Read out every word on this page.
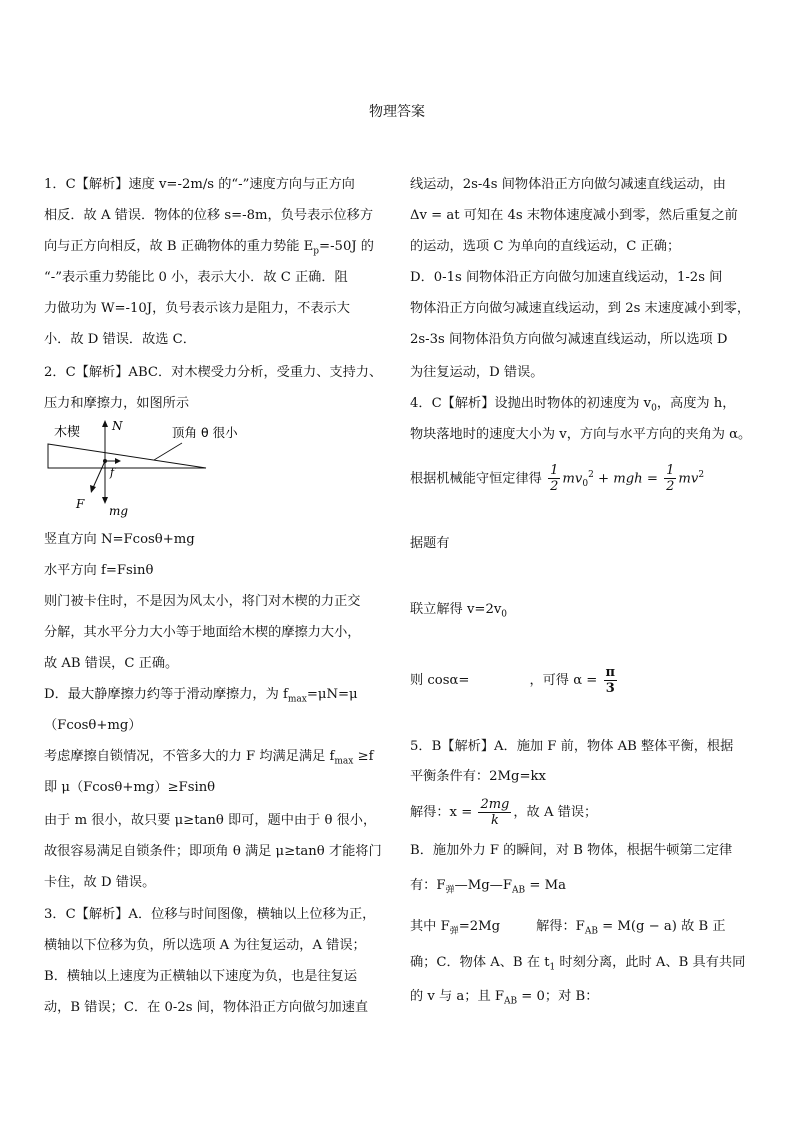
物理答案
1．C【解析】速度 v=-2m/s 的“-”速度方向与正方向
相反．故 A 错误．物体的位移 s=-8m，负号表示位移方
向与正方向相反，故 B 正确物体的重力势能 $E_p=-50J$ 的
“-”表示重力势能比 0 小，表示大小．故 C 正确．阻
力做功为 W=-10J，负号表示该力是阻力，不表示大
小．故 D 错误．故选 C．
2．C【解析】ABC．对木楔受力分析，受重力、支持力、
压力和摩擦力，如图所示
木楔	N	顶角 θ 很小
f
F mg
竖直方向 N=Fcosθ+mg
水平方向 f=Fsinθ
则门被卡住时，不是因为风太小，将门对木楔的力正交
分解，其水平分力大小等于地面给木楔的摩擦力大小，
故 AB 错误，C 正确。
D．最大静摩擦力约等于滑动摩擦力，为 $f_{max}=\mu N=\mu$
（Fcosθ+mg）
考虑摩擦自锁情况，不管多大的力 F 均满足满足 $f_{max} \ge f$
即 μ（Fcosθ+mg）≥Fsinθ
由于 m 很小，故只要 μ≥tanθ 即可，题中由于 θ 很小，
故很容易满足自锁条件；即项角 θ 满足 μ≥tanθ 才能将门
卡住，故 D 错误。
3．C【解析】A．位移与时间图像，横轴以上位移为正，
横轴以下位移为负，所以选项 A 为往复运动，A 错误；
B．横轴以上速度为正横轴以下速度为负，也是往复运
动，B 错误；C．在 0-2s 间，物体沿正方向做匀加速直
线运动，2s-4s 间物体沿正方向做匀减速直线运动，由
Δv = at 可知在 4s 末物体速度减小到零，然后重复之前
的运动，选项 C 为单向的直线运动，C 正确；
D．0-1s 间物体沿正方向做匀加速直线运动，1-2s 间
物体沿正方向做匀减速直线运动，到 2s 末速度减小到零，
2s-3s 间物体沿负方向做匀减速直线运动，所以选项 D
为往复运动，D 错误。
4．C【解析】设抛出时物体的初速度为 $v_0$，高度为 h，
物块落地时的速度大小为 v，方向与水平方向的夹角为 α。
根据机械能守恒定律得 $\frac{1}{2} mv_0^2$ + mgh = $\frac{1}{2} mv^2$
据题有
联立解得 $v=2v_0$
则 cosα=	，可得 $\alpha = \frac{\pi}{3}$
5．B【解析】A．施加 F 前，物体 AB 整体平衡，根据
平衡条件有：2Mg=kx
解得：$x = \frac{2mg}{k}$ ，故 A 错误；
B．施加外力 F 的瞬间，对 B 物体，根据牛顿第二定律
有：$F_弹—Mg—F_{AB} = Ma$
其中 $F_弹=2Mg$	解得：$F_{AB} = M(g - a)$ 故 B 正
确；C．物体 A、B 在 $t_1$ 时刻分离，此时 A、B 具有共同
的 v 与 a；且 $F_{AB} = 0$；对 B：
